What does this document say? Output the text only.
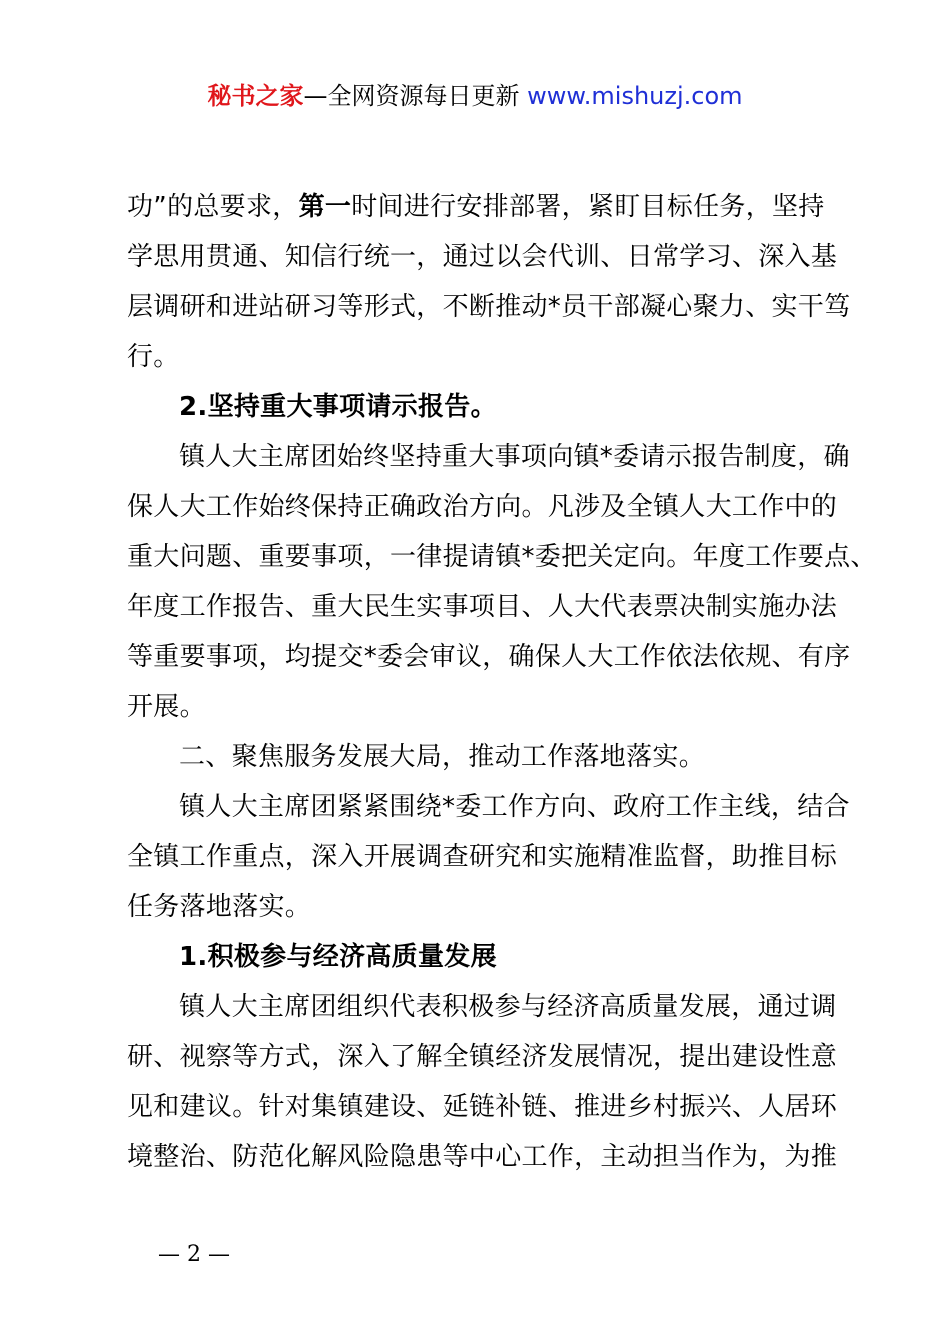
秘书之家—全网资源每日更新 www.mishuzj.com
功”的总要求，第一时间进行安排部署，紧盯目标任务，坚持
学思用贯通、知信行统一，通过以会代训、日常学习、深入基
层调研和进站研习等形式，不断推动*员干部凝心聚力、实干笃
行。
2.坚持重大事项请示报告。
镇人大主席团始终坚持重大事项向镇*委请示报告制度，确
保人大工作始终保持正确政治方向。凡涉及全镇人大工作中的
重大问题、重要事项，一律提请镇*委把关定向。年度工作要点、
年度工作报告、重大民生实事项目、人大代表票决制实施办法
等重要事项，均提交*委会审议，确保人大工作依法依规、有序
开展。
二、聚焦服务发展大局，推动工作落地落实。
镇人大主席团紧紧围绕*委工作方向、政府工作主线，结合
全镇工作重点，深入开展调查研究和实施精准监督，助推目标
任务落地落实。
1.积极参与经济高质量发展
镇人大主席团组织代表积极参与经济高质量发展，通过调
研、视察等方式，深入了解全镇经济发展情况，提出建设性意
见和建议。针对集镇建设、延链补链、推进乡村振兴、人居环
境整治、防范化解风险隐患等中心工作，主动担当作为，为推
— 2 —
